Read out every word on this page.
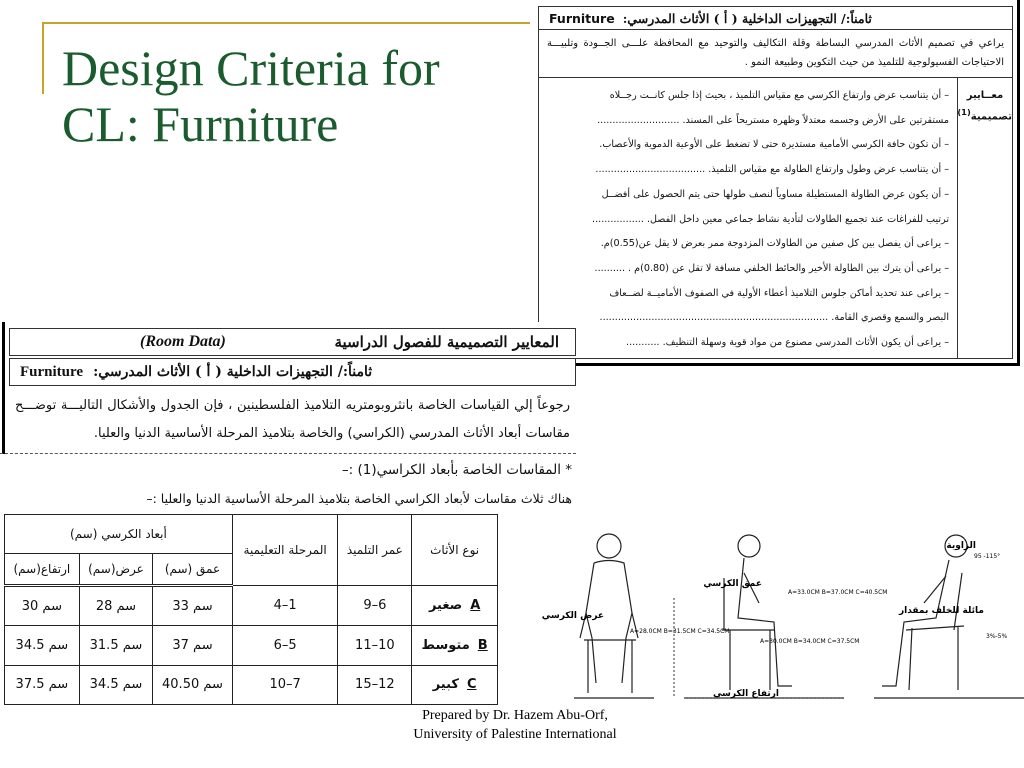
Design Criteria for CL: Furniture
ثامناً:/ التجهيزات الداخلية ( أ ) الأثاث المدرسي:
Furniture
يراعي في تصميم الأثاث المدرسي البساطة وقلة التكاليف والتوحيد مع المحافظة علـــى الجــودة وتلبيـــة الاحتياجات الفسيولوجية للتلميذ من حيث التكوين وطبيعة النمو .
معــايير تصميمية$^{(1)}$
– أن يتناسب عرض وارتفاع الكرسي مع مقياس التلميذ ، بحيث إذا جلس كانــت رجــلاه
مستقرتين على الأرض وجسمه معتدلاً وظهره مستريحاً على المسند. ...........................
– أن تكون حافة الكرسي الأمامية مستديرة حتى لا تضغط على الأوعية الدموية والأعصاب.
– أن يتناسب عرض وطول وارتفاع الطاولة مع مقياس التلميذ. ....................................
– أن يكون عرض الطاولة المستطيلة مساوياً لنصف طولها حتى يتم الحصول على أفضــل
ترتيب للفراغات عند تجميع الطاولات لتأدية نشاط جماعي معين داخل الفصل. .................
– يراعى أن يفصل بين كل صفين من الطاولات المزدوجة ممر بعرض لا يقل عن(0.55)م.
– يراعى أن يترك بين الطاولة الأخير والحائط الخلفي مسافة لا تقل عن (0.80)م . ..........
– يراعى عند تحديد أماكن جلوس التلاميذ أعطاء الأولية في الصفوف الأماميــة لضــعاف
البصر والسمع وقصري القامة. ...........................................................................
– يراعى أن يكون الأثاث المدرسي مصنوع من مواد قوية وسهلة التنظيف. ...........
(Room Data)	المعايير التصميمية للفصول الدراسية
ثامناً:/ التجهيزات الداخلية ( أ ) الأثاث المدرسي:
Furniture
رجوعاً إلي القياسات الخاصة بانثروبومتريه التلاميذ الفلسطينين ، فإن الجدول والأشكال التاليـــة توضـــح مقاسات أبعاد الأثاث المدرسي (الكراسي) والخاصة بتلاميذ المرحلة الأساسية الدنيا والعليا.
* المقاسات الخاصة بأبعاد الكراسي(1) :–
هناك ثلاث مقاسات لأبعاد الكراسي الخاصة بتلاميذ المرحلة الأساسية الدنيا والعليا :–
أبعاد الكرسي (سم)			المرحلة التعليمية	عمر التلميذ	نوع الأثاث
ارتفاع(سم)	عرض(سم)	عمق (سم)			
30 سم	28 سم	33 سم	4–1	9–6	صغير A

34.5 سم	31.5 سم	37 سم	6–5	11–10	متوسط B

37.5 سم	34.5 سم	40.50 سم	10–7	15–12	كبير C
عرض الكرسي
A=28.0CM B=31.5CM C=34.5CM
عمق الكرسي
A=33.0CM B=37.0CM C=40.5CM
A=30.0CM B=34.0CM C=37.5CM
ارتفاع الكرسي
الزاوية
95 -115°
مائلة للخلف بمقدار
3%-5%
Prepared by Dr. Hazem Abu-Orf,
University of Palestine International
